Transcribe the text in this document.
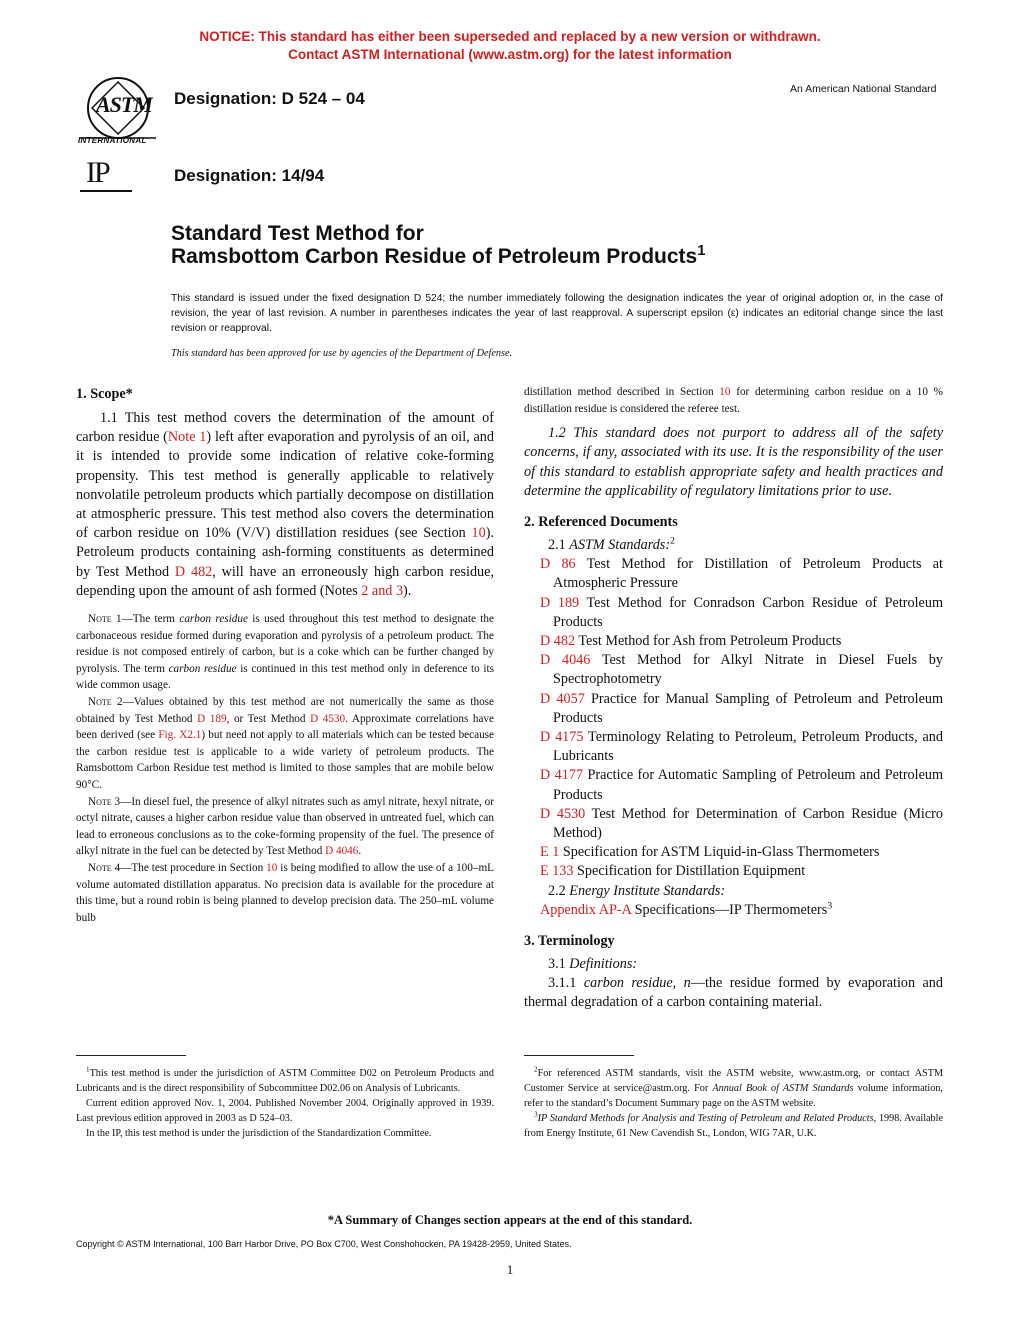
NOTICE: This standard has either been superseded and replaced by a new version or withdrawn.
Contact ASTM International (www.astm.org) for the latest information
ASTM
INTERNATIONAL
Designation: D 524 – 04	An American National Standard
IP	Designation: 14/94
Standard Test Method for
Ramsbottom Carbon Residue of Petroleum Products$^1$
This standard is issued under the fixed designation D 524; the number immediately following the designation indicates the year of original adoption or, in the case of revision, the year of last revision. A number in parentheses indicates the year of last reapproval. A superscript epsilon (ε) indicates an editorial change since the last revision or reapproval.
This standard has been approved for use by agencies of the Department of Defense.
1. Scope*

1.1 This test method covers the determination of the amount of carbon residue (Note 1) left after evaporation and pyrolysis of an oil, and it is intended to provide some indication of relative coke-forming propensity. This test method is generally applicable to relatively nonvolatile petroleum products which partially decompose on distillation at atmospheric pressure. This test method also covers the determination of carbon residue on 10% (V/V) distillation residues (see Section 10). Petroleum products containing ash-forming constituents as determined by Test Method D 482, will have an erroneously high carbon residue, depending upon the amount of ash formed (Notes 2 and 3).

Note 1—The term carbon residue is used throughout this test method to designate the carbonaceous residue formed during evaporation and pyrolysis of a petroleum product. The residue is not composed entirely of carbon, but is a coke which can be further changed by pyrolysis. The term carbon residue is continued in this test method only in deference to its wide common usage.

Note 2—Values obtained by this test method are not numerically the same as those obtained by Test Method D 189, or Test Method D 4530. Approximate correlations have been derived (see Fig. X2.1) but need not apply to all materials which can be tested because the carbon residue test is applicable to a wide variety of petroleum products. The Ramsbottom Carbon Residue test method is limited to those samples that are mobile below 90°C.

Note 3—In diesel fuel, the presence of alkyl nitrates such as amyl nitrate, hexyl nitrate, or octyl nitrate, causes a higher carbon residue value than observed in untreated fuel, which can lead to erroneous conclusions as to the coke-forming propensity of the fuel. The presence of alkyl nitrate in the fuel can be detected by Test Method D 4046.

Note 4—The test procedure in Section 10 is being modified to allow the use of a 100–mL volume automated distillation apparatus. No precision data is available for the procedure at this time, but a round robin is being planned to develop precision data. The 250–mL volume bulb

$^1$This test method is under the jurisdiction of ASTM Committee D02 on Petroleum Products and Lubricants and is the direct responsibility of Subcommittee D02.06 on Analysis of Lubricants.

Current edition approved Nov. 1, 2004. Published November 2004. Originally approved in 1939. Last previous edition approved in 2003 as D 524–03.

In the IP, this test method is under the jurisdiction of the Standardization Committee.

distillation method described in Section 10 for determining carbon residue on a 10 % distillation residue is considered the referee test.

1.2 This standard does not purport to address all of the safety concerns, if any, associated with its use. It is the responsibility of the user of this standard to establish appropriate safety and health practices and determine the applicability of regulatory limitations prior to use.

2. Referenced Documents

2.1 ASTM Standards:$^2$

D 86 Test Method for Distillation of Petroleum Products at Atmospheric Pressure

D 189 Test Method for Conradson Carbon Residue of Petroleum Products

D 482 Test Method for Ash from Petroleum Products

D 4046 Test Method for Alkyl Nitrate in Diesel Fuels by Spectrophotometry

D 4057 Practice for Manual Sampling of Petroleum and Petroleum Products

D 4175 Terminology Relating to Petroleum, Petroleum Products, and Lubricants

D 4177 Practice for Automatic Sampling of Petroleum and Petroleum Products

D 4530 Test Method for Determination of Carbon Residue (Micro Method)

E 1 Specification for ASTM Liquid-in-Glass Thermometers

E 133 Specification for Distillation Equipment

2.2 Energy Institute Standards:

Appendix AP-A Specifications—IP Thermometers$^3$

3. Terminology

3.1 Definitions:

3.1.1 carbon residue, n—the residue formed by evaporation and thermal degradation of a carbon containing material.

$^2$For referenced ASTM standards, visit the ASTM website, www.astm.org, or contact ASTM Customer Service at service@astm.org. For Annual Book of ASTM Standards volume information, refer to the standard’s Document Summary page on the ASTM website.

$^3$IP Standard Methods for Analysis and Testing of Petroleum and Related Products, 1998. Available from Energy Institute, 61 New Cavendish St., London, WIG 7AR, U.K.

*A Summary of Changes section appears at the end of this standard.
Copyright © ASTM International, 100 Barr Harbor Drive, PO Box C700, West Conshohocken, PA 19428-2959, United States.
1
